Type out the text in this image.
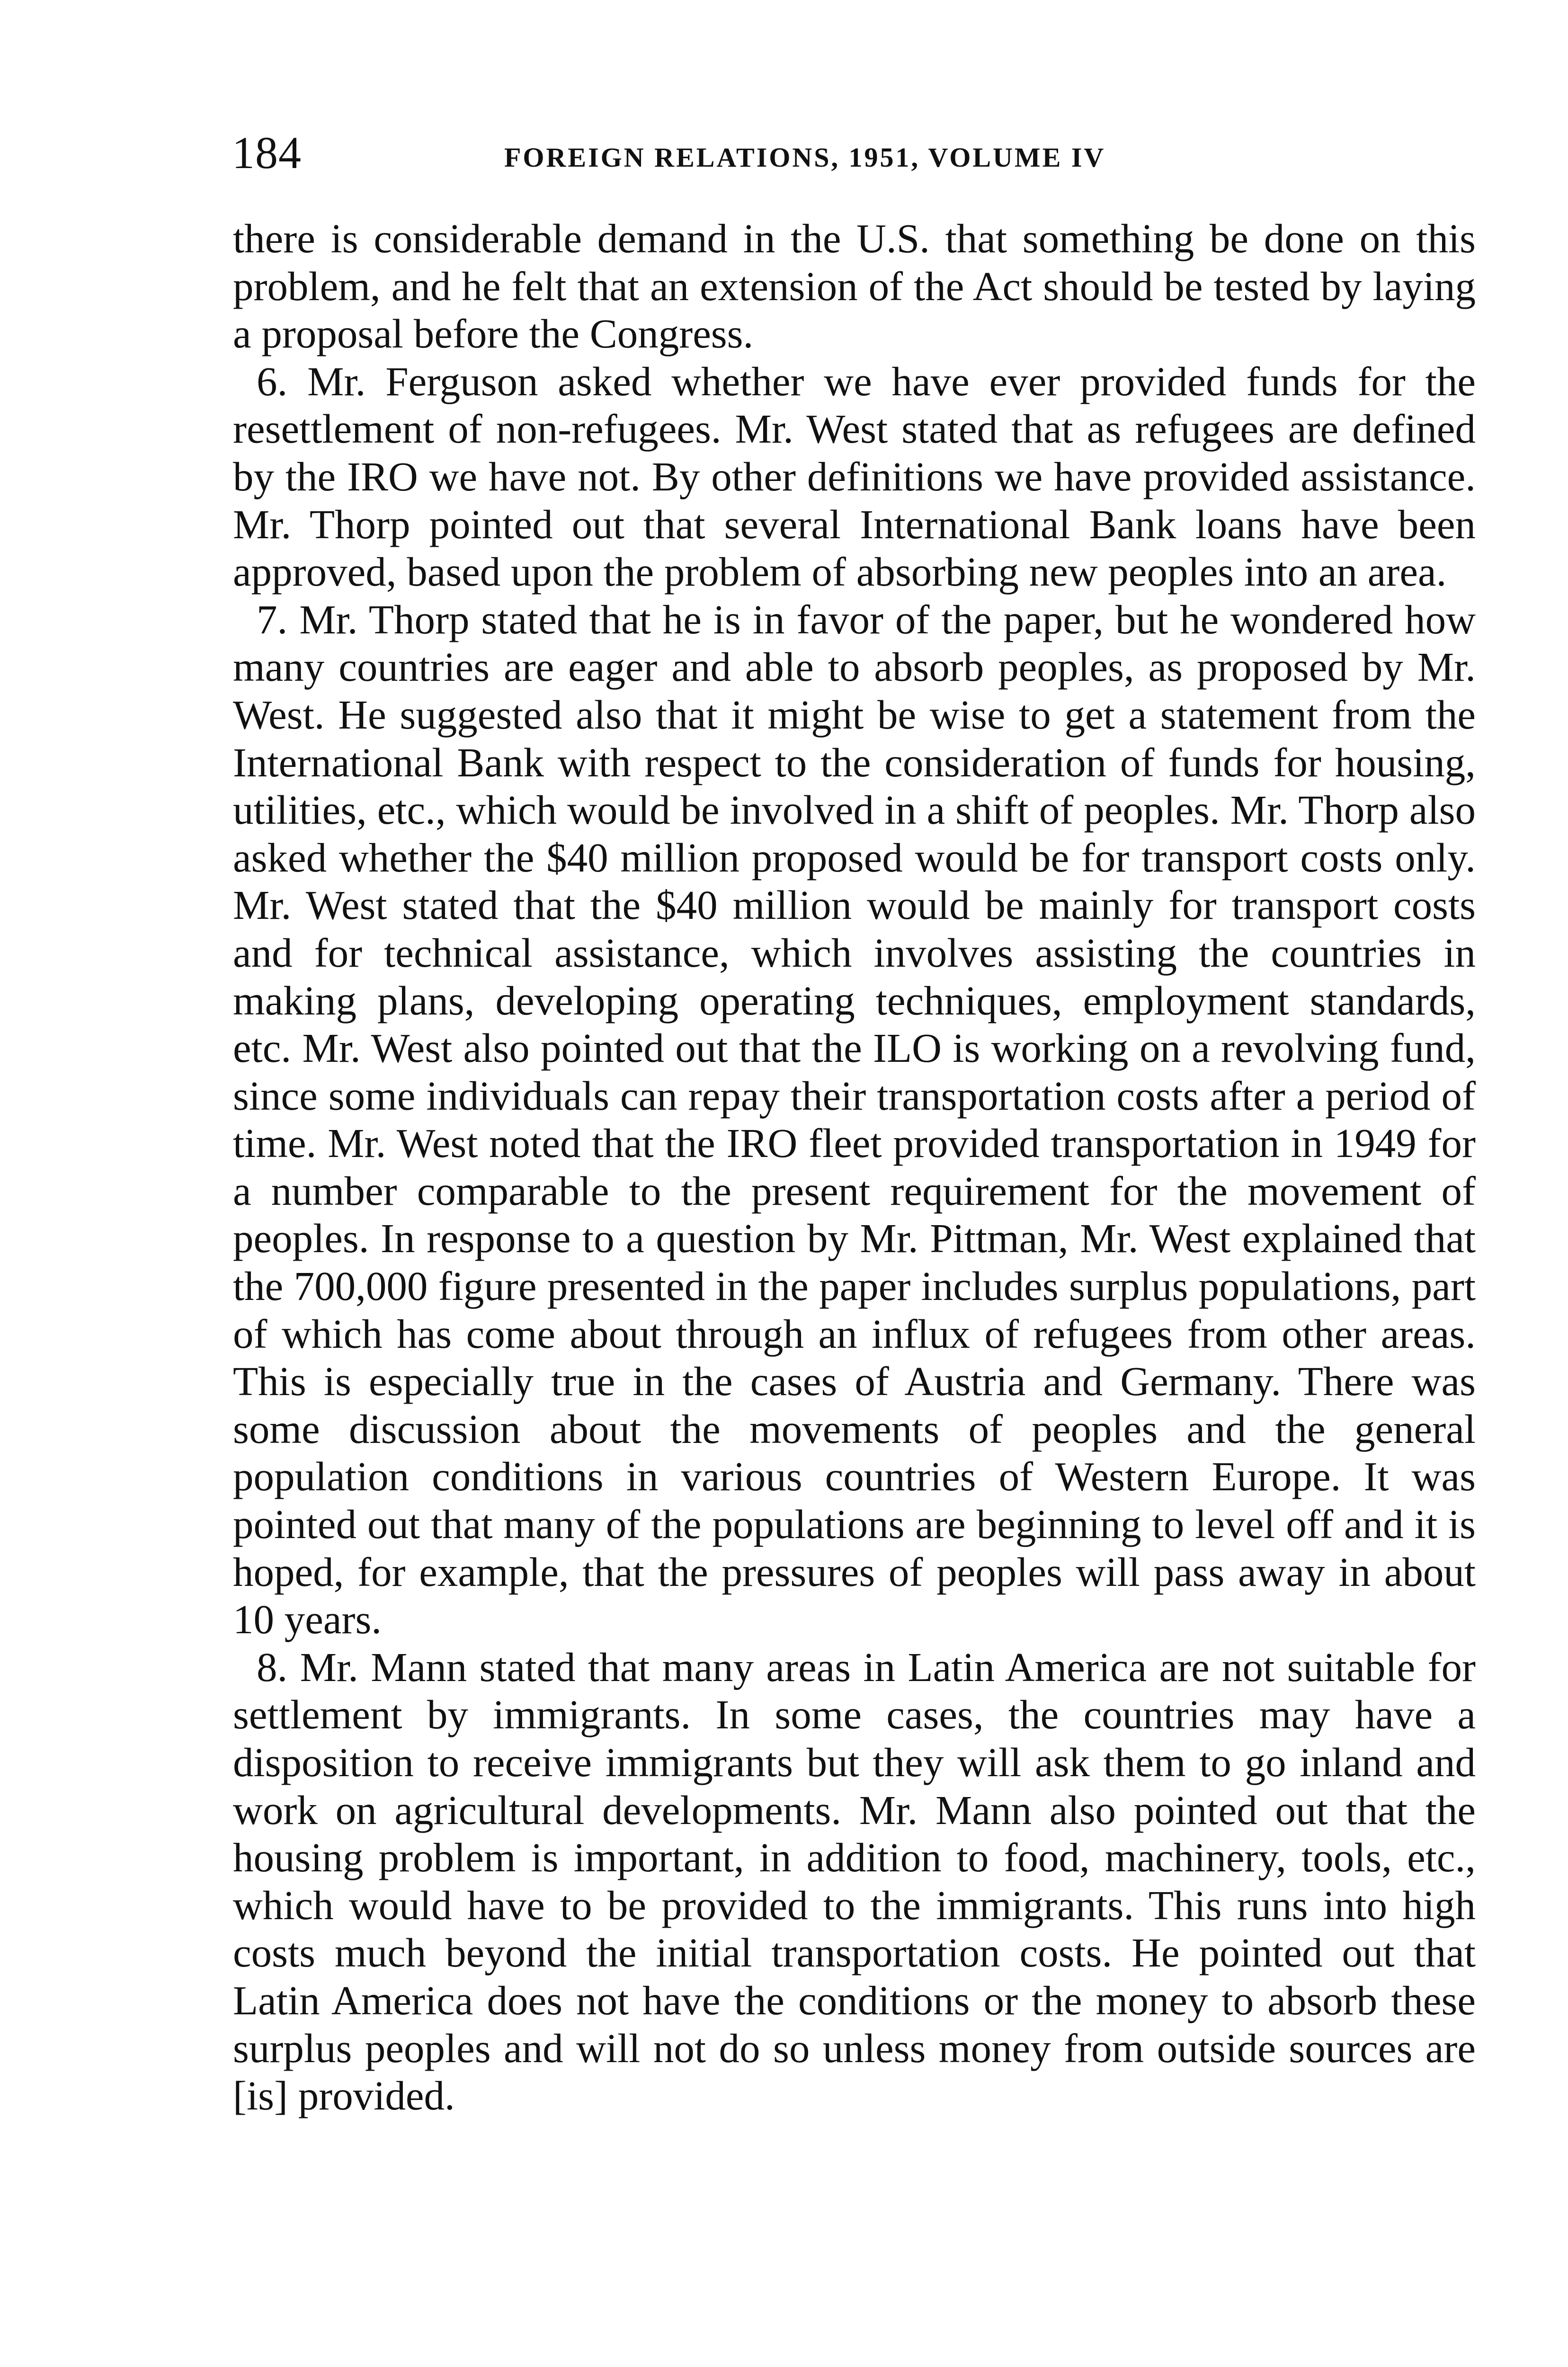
184	FOREIGN RELATIONS, 1951, VOLUME IV

there is considerable demand in the U.S. that something be done on this problem, and he felt that an extension of the Act should be tested by laying a proposal before the Congress.

6. Mr. Ferguson asked whether we have ever provided funds for the resettlement of non-refugees. Mr. West stated that as refugees are defined by the IRO we have not. By other definitions we have provided assistance. Mr. Thorp pointed out that several International Bank loans have been approved, based upon the problem of absorbing new peoples into an area.

7. Mr. Thorp stated that he is in favor of the paper, but he wondered how many countries are eager and able to absorb peoples, as proposed by Mr. West. He suggested also that it might be wise to get a statement from the International Bank with respect to the consideration of funds for housing, utilities, etc., which would be involved in a shift of peoples. Mr. Thorp also asked whether the $40 million proposed would be for transport costs only. Mr. West stated that the $40 million would be mainly for transport costs and for technical assistance, which involves assisting the countries in making plans, developing operating techniques, employment standards, etc. Mr. West also pointed out that the ILO is working on a revolving fund, since some individuals can repay their transportation costs after a period of time. Mr. West noted that the IRO fleet provided transportation in 1949 for a number comparable to the present requirement for the movement of peoples. In response to a question by Mr. Pittman, Mr. West explained that the 700,000 figure presented in the paper includes surplus populations, part of which has come about through an influx of refugees from other areas. This is especially true in the cases of Austria and Germany. There was some discussion about the movements of peoples and the general population conditions in various countries of Western Europe. It was pointed out that many of the populations are beginning to level off and it is hoped, for example, that the pressures of peoples will pass away in about 10 years.

8. Mr. Mann stated that many areas in Latin America are not suitable for settlement by immigrants. In some cases, the countries may have a disposition to receive immigrants but they will ask them to go inland and work on agricultural developments. Mr. Mann also pointed out that the housing problem is important, in addition to food, machinery, tools, etc., which would have to be provided to the immigrants. This runs into high costs much beyond the initial transportation costs. He pointed out that Latin America does not have the conditions or the money to absorb these surplus peoples and will not do so unless money from outside sources are [is] provided.
